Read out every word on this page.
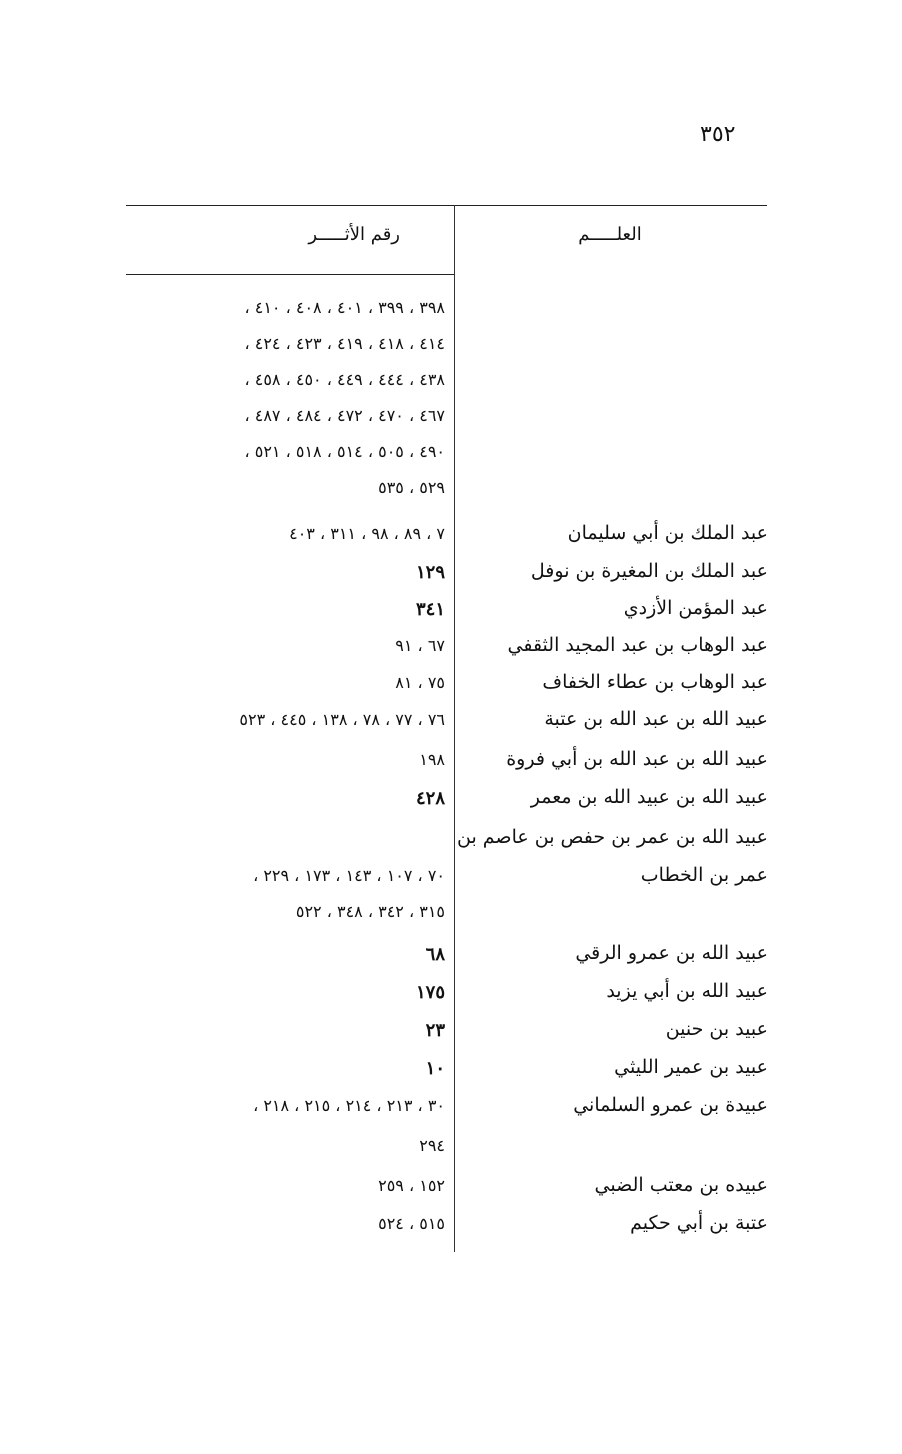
٣٥٢
العلـــــم
رقم الأثـــــر
٣٩٨ ، ٣٩٩ ، ٤٠١ ، ٤٠٨ ، ٤١٠ ،
٤١٤ ، ٤١٨ ، ٤١٩ ، ٤٢٣ ، ٤٢٤ ،
٤٣٨ ، ٤٤٤ ، ٤٤٩ ، ٤٥٠ ، ٤٥٨ ،
٤٦٧ ، ٤٧٠ ، ٤٧٢ ، ٤٨٤ ، ٤٨٧ ،
٤٩٠ ، ٥٠٥ ، ٥١٤ ، ٥١٨ ، ٥٢١ ،
٥٢٩ ، ٥٣٥
عبد الملك بن أبي سليمان
٧ ، ٨٩ ، ٩٨ ، ٣١١ ، ٤٠٣
عبد الملك بن المغيرة بن نوفل
١٢٩
عبد المؤمن الأزدي
٣٤١
عبد الوهاب بن عبد المجيد الثقفي
٦٧ ، ٩١
عبد الوهاب بن عطاء الخفاف
٧٥ ، ٨١
عبيد الله بن عبد الله بن عتبة
٧٦ ، ٧٧ ، ٧٨ ، ١٣٨ ، ٤٤٥ ، ٥٢٣
عبيد الله بن عبد الله بن أبي فروة
١٩٨
عبيد الله بن عبيد الله بن معمر
٤٢٨
عبيد الله بن عمر بن حفص بن عاصم بن
عمر بن الخطاب
٧٠ ، ١٠٧ ، ١٤٣ ، ١٧٣ ، ٢٢٩ ،
٣١٥ ، ٣٤٢ ، ٣٤٨ ، ٥٢٢
عبيد الله بن عمرو الرقي
٦٨
عبيد الله بن أبي يزيد
١٧٥
عبيد بن حنين
٢٣
عبيد بن عمير الليثي
١٠
عبيدة بن عمرو السلماني
٣٠ ، ٢١٣ ، ٢١٤ ، ٢١٥ ، ٢١٨ ،
٢٩٤
عبيده بن معتب الضبي
١٥٢ ، ٢٥٩
عتبة بن أبي حكيم
٥١٥ ، ٥٢٤
